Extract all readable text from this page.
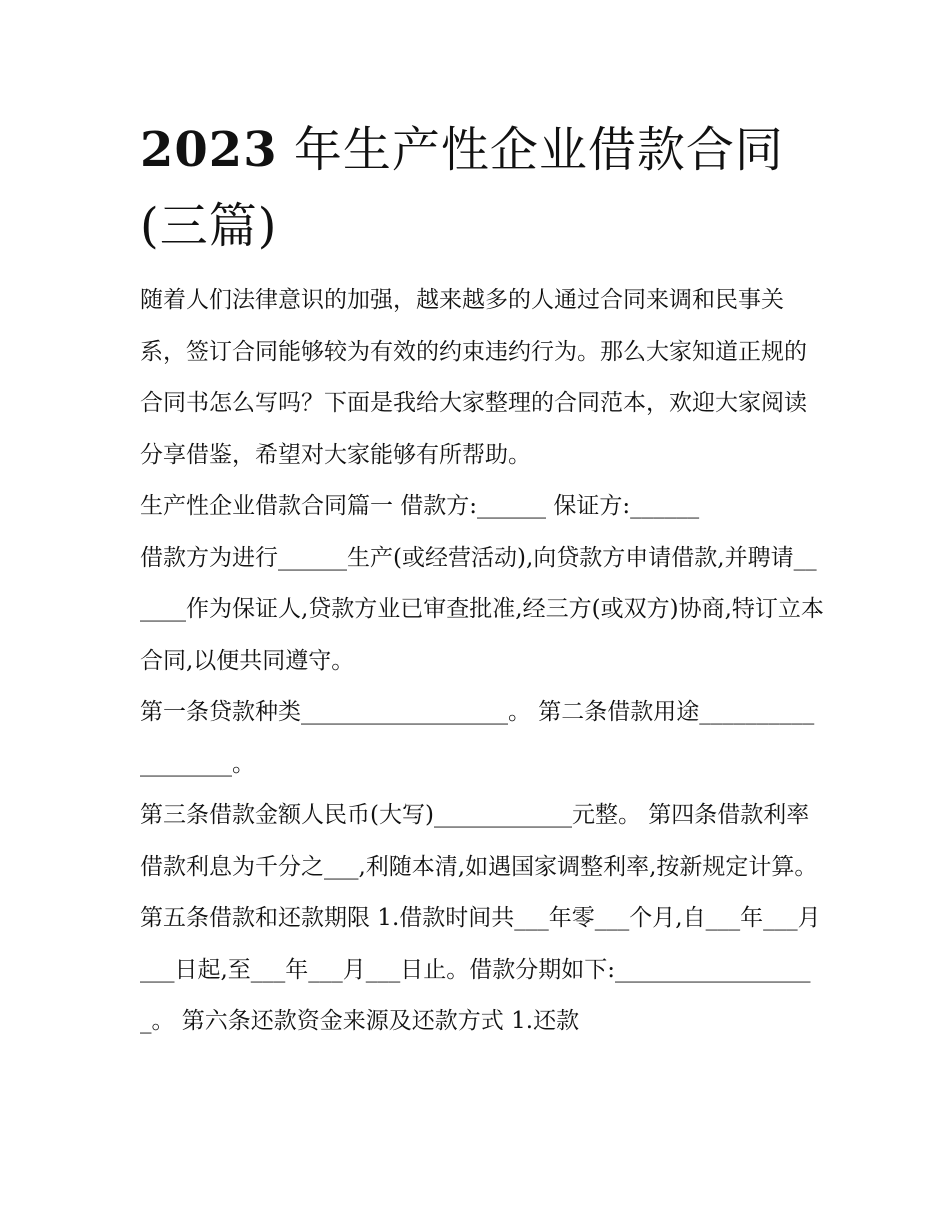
2023 年生产性企业借款合同(三篇)

随着人们法律意识的加强，越来越多的人通过合同来调和民事关系，签订合同能够较为有效的约束违约行为。那么大家知道正规的合同书怎么写吗？下面是我给大家整理的合同范本，欢迎大家阅读分享借鉴，希望对大家能够有所帮助。

生产性企业借款合同篇一 借款方:______ 保证方:______

借款方为进行______生产(或经营活动),向贷款方申请借款,并聘请______作为保证人,贷款方业已审查批准,经三方(或双方)协商,特订立本合同,以便共同遵守。

第一条贷款种类__________________。 第二条借款用途__________________。

第三条借款金额人民币(大写)____________元整。 第四条借款利率借款利息为千分之___,利随本清,如遇国家调整利率,按新规定计算。

第五条借款和还款期限 1.借款时间共___年零___个月,自___年___月___日起,至___年___月___日止。借款分期如下:__________________。 第六条还款资金来源及还款方式 1.还款
